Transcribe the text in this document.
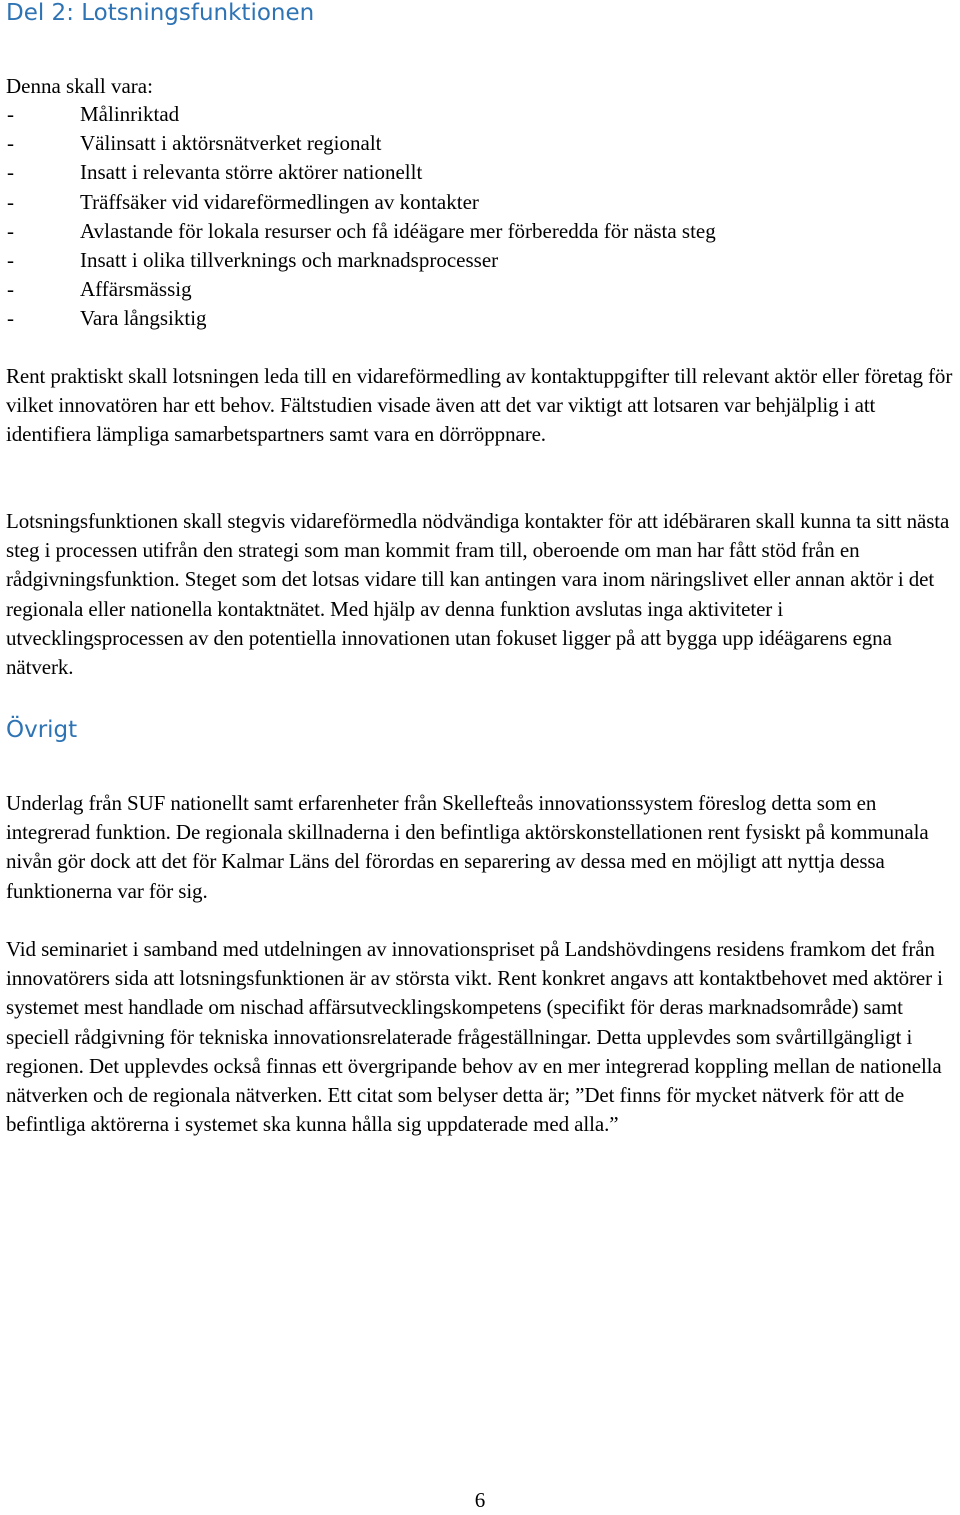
Del 2: Lotsningsfunktionen

Denna skall vara:

-	Målinriktad
-	Välinsatt i aktörsnätverket regionalt
-	Insatt i relevanta större aktörer nationellt
-	Träffsäker vid vidareförmedlingen av kontakter
-	Avlastande för lokala resurser och få idéägare mer förberedda för nästa steg
-	Insatt i olika tillverknings och marknadsprocesser
-	Affärsmässig
-	Vara långsiktig

Rent praktiskt skall lotsningen leda till en vidareförmedling av kontaktuppgifter till relevant aktör eller företag för vilket innovatören har ett behov. Fältstudien visade även att det var viktigt att lotsaren var behjälplig i att identifiera lämpliga samarbetspartners samt vara en dörröppnare.

Lotsningsfunktionen skall stegvis vidareförmedla nödvändiga kontakter för att idébäraren skall kunna ta sitt nästa steg i processen utifrån den strategi som man kommit fram till, oberoende om man har fått stöd från en rådgivningsfunktion. Steget som det lotsas vidare till kan antingen vara inom näringslivet eller annan aktör i det regionala eller nationella kontaktnätet. Med hjälp av denna funktion avslutas inga aktiviteter i utvecklingsprocessen av den potentiella innovationen utan fokuset ligger på att bygga upp idéägarens egna nätverk.

Övrigt

Underlag från SUF nationellt samt erfarenheter från Skellefteås innovationssystem föreslog detta som en integrerad funktion. De regionala skillnaderna i den befintliga aktörskonstellationen rent fysiskt på kommunala nivån gör dock att det för Kalmar Läns del förordas en separering av dessa med en möjligt att nyttja dessa funktionerna var för sig.

Vid seminariet i samband med utdelningen av innovationspriset på Landshövdingens residens framkom det från innovatörers sida att lotsningsfunktionen är av största vikt. Rent konkret angavs att kontaktbehovet med aktörer i systemet mest handlade om nischad affärsutvecklingskompetens (specifikt för deras marknadsområde) samt speciell rådgivning för tekniska innovationsrelaterade frågeställningar. Detta upplevdes som svårtillgängligt i regionen. Det upplevdes också finnas ett övergripande behov av en mer integrerad koppling mellan de nationella nätverken och de regionala nätverken. Ett citat som belyser detta är; ”Det finns för mycket nätverk för att de befintliga aktörerna i systemet ska kunna hålla sig uppdaterade med alla.”

6
